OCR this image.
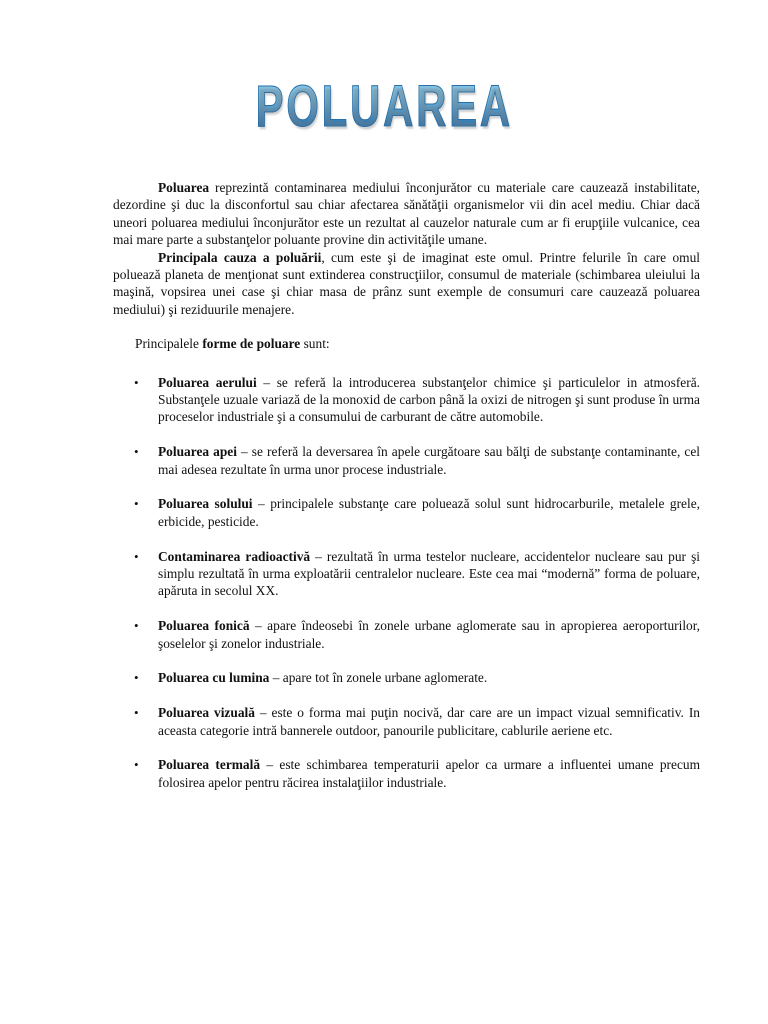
POLUAREA

Poluarea reprezintă contaminarea mediului înconjurător cu materiale care cauzează instabilitate, dezordine şi duc la disconfortul sau chiar afectarea sănătăţii organismelor vii din acel mediu. Chiar dacă uneori poluarea mediului înconjurător este un rezultat al cauzelor naturale cum ar fi erupţiile vulcanice, cea mai mare parte a substanţelor poluante provine din activităţile umane.

Principala cauza a poluării, cum este şi de imaginat este omul. Printre felurile în care omul poluează planeta de menţionat sunt extinderea construcţiilor, consumul de materiale (schimbarea uleiului la maşină, vopsirea unei case şi chiar masa de prânz sunt exemple de consumuri care cauzează poluarea mediului) şi reziduurile menajere.

Principalele forme de poluare sunt:

• Poluarea aerului – se referă la introducerea substanţelor chimice şi particulelor in atmosferă. Substanţele uzuale variază de la monoxid de carbon până la oxizi de nitrogen şi sunt produse în urma proceselor industriale şi a consumului de carburant de către automobile.
• Poluarea apei – se referă la deversarea în apele curgătoare sau bălţi de substanţe contaminante, cel mai adesea rezultate în urma unor procese industriale.
• Poluarea solului – principalele substanţe care poluează solul sunt hidrocarburile, metalele grele, erbicide, pesticide.
• Contaminarea radioactivă – rezultată în urma testelor nucleare, accidentelor nucleare sau pur şi simplu rezultată în urma exploatării centralelor nucleare. Este cea mai “modernă” forma de poluare, apăruta in secolul XX.
• Poluarea fonică – apare îndeosebi în zonele urbane aglomerate sau in apropierea aeroporturilor, şoselelor şi zonelor industriale.
• Poluarea cu lumina – apare tot în zonele urbane aglomerate.
• Poluarea vizuală – este o forma mai puţin nocivă, dar care are un impact vizual semnificativ. In aceasta categorie intră bannerele outdoor, panourile publicitare, cablurile aeriene etc.
• Poluarea termală – este schimbarea temperaturii apelor ca urmare a influentei umane precum folosirea apelor pentru răcirea instalaţiilor industriale.
